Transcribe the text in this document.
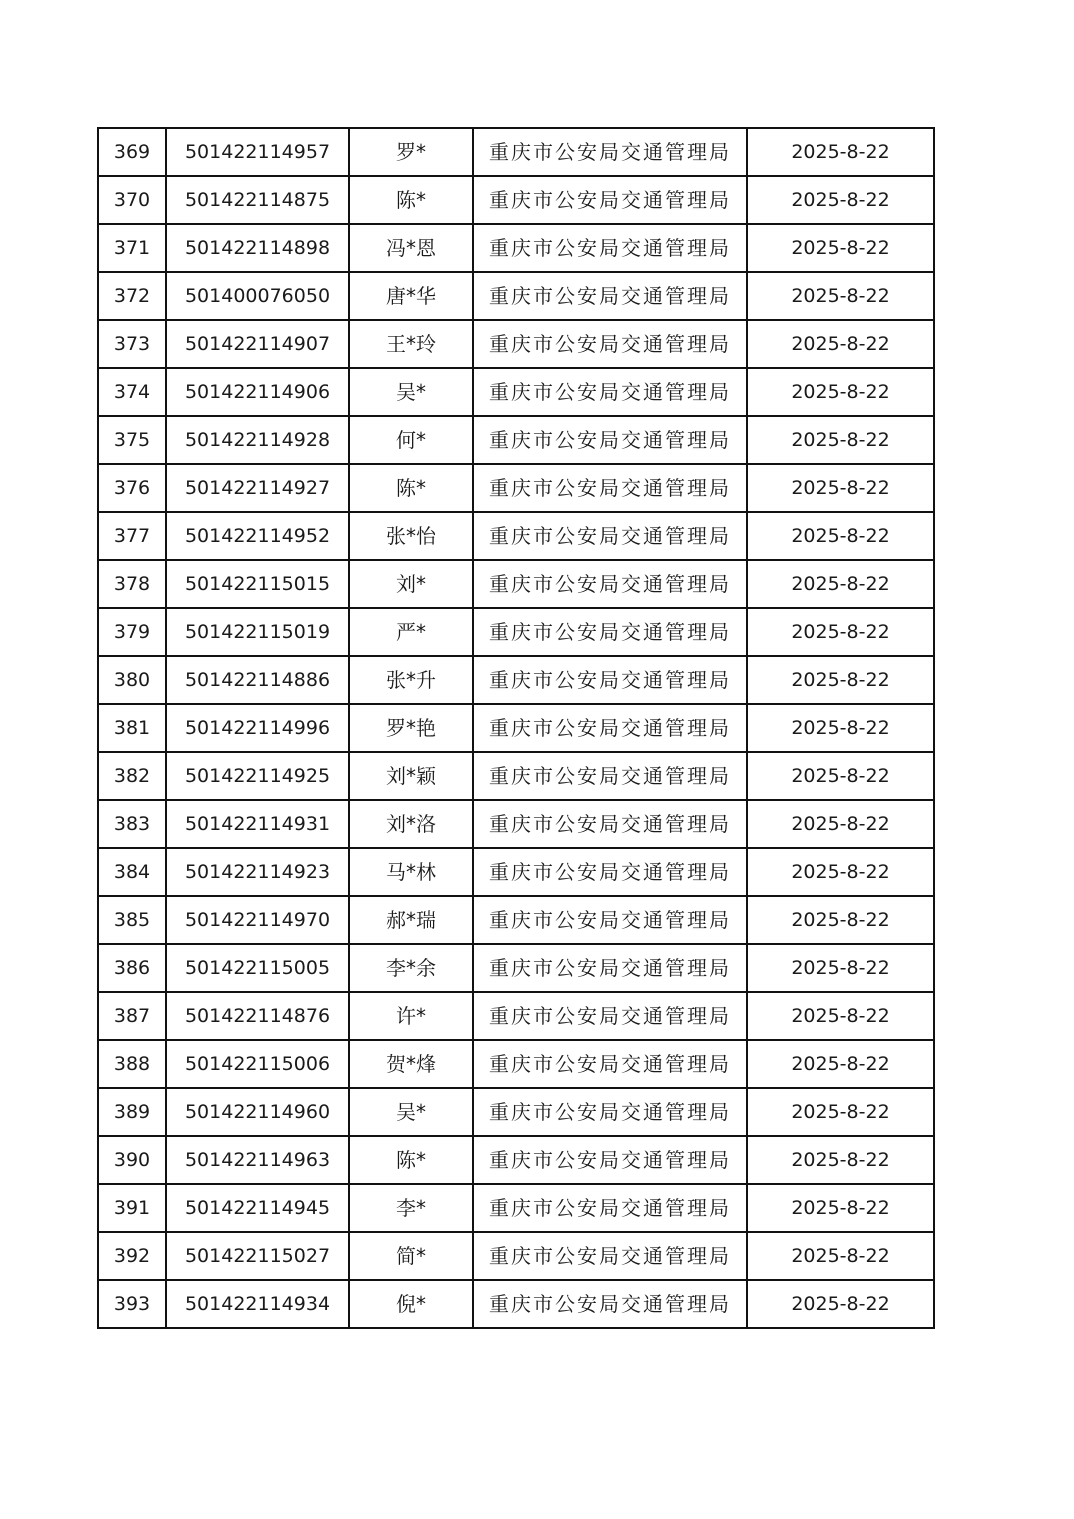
369	501422114957	罗*	重庆市公安局交通管理局	2025-8-22
370	501422114875	陈*	重庆市公安局交通管理局	2025-8-22
371	501422114898	冯*恩	重庆市公安局交通管理局	2025-8-22
372	501400076050	唐*华	重庆市公安局交通管理局	2025-8-22
373	501422114907	王*玲	重庆市公安局交通管理局	2025-8-22
374	501422114906	吴*	重庆市公安局交通管理局	2025-8-22
375	501422114928	何*	重庆市公安局交通管理局	2025-8-22
376	501422114927	陈*	重庆市公安局交通管理局	2025-8-22
377	501422114952	张*怡	重庆市公安局交通管理局	2025-8-22
378	501422115015	刘*	重庆市公安局交通管理局	2025-8-22
379	501422115019	严*	重庆市公安局交通管理局	2025-8-22
380	501422114886	张*升	重庆市公安局交通管理局	2025-8-22
381	501422114996	罗*艳	重庆市公安局交通管理局	2025-8-22
382	501422114925	刘*颖	重庆市公安局交通管理局	2025-8-22
383	501422114931	刘*洛	重庆市公安局交通管理局	2025-8-22
384	501422114923	马*林	重庆市公安局交通管理局	2025-8-22
385	501422114970	郝*瑞	重庆市公安局交通管理局	2025-8-22
386	501422115005	李*余	重庆市公安局交通管理局	2025-8-22
387	501422114876	许*	重庆市公安局交通管理局	2025-8-22
388	501422115006	贺*烽	重庆市公安局交通管理局	2025-8-22
389	501422114960	吴*	重庆市公安局交通管理局	2025-8-22
390	501422114963	陈*	重庆市公安局交通管理局	2025-8-22
391	501422114945	李*	重庆市公安局交通管理局	2025-8-22
392	501422115027	简*	重庆市公安局交通管理局	2025-8-22
393	501422114934	倪*	重庆市公安局交通管理局	2025-8-22
